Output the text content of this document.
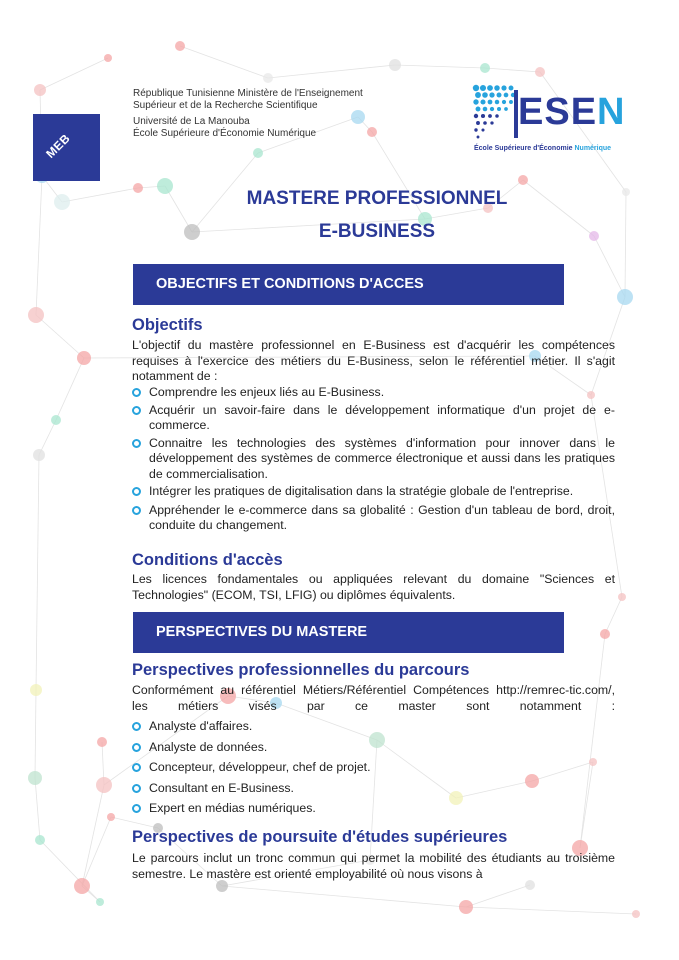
République Tunisienne Ministère de l'Enseignement
Supérieur et de la Recherche Scientifique
Université de La Manouba
École Supérieure d'Économie Numérique
MEB
ESEN
École Supérieure d'Économie Numérique
MASTERE PROFESSIONNEL
E-BUSINESS
OBJECTIFS ET CONDITIONS D'ACCES
Objectifs
L'objectif du mastère professionnel en E-Business est d'acquérir les compétences requises à l'exercice des métiers du E-Business, selon le référentiel métier. Il s'agit notamment de :
Comprendre les enjeux liés au E-Business.
Acquérir un savoir-faire dans le développement informatique d'un projet de e-commerce.
Connaitre les technologies des systèmes d'information pour innover dans le développement des systèmes de commerce électronique et aussi dans les pratiques de commercialisation.
Intégrer les pratiques de digitalisation dans la stratégie globale de l'entreprise.
Appréhender le e-commerce dans sa globalité : Gestion d'un tableau de bord, droit, conduite du changement.
Conditions d'accès
Les licences fondamentales ou appliquées relevant du domaine "Sciences et Technologies" (ECOM, TSI, LFIG) ou diplômes équivalents.
PERSPECTIVES DU MASTERE
Perspectives professionnelles du parcours
Conformément au référentiel Métiers/Référentiel Compétences http://remrec-tic.com/, les métiers visés par ce master sont notamment :
Analyste d'affaires.
Analyste de données.
Concepteur, développeur, chef de projet.
Consultant en E-Business.
Expert en médias numériques.
Perspectives de poursuite d'études supérieures
Le parcours inclut un tronc commun qui permet la mobilité des étudiants au troisième semestre. Le mastère est orienté employabilité où nous visons à
